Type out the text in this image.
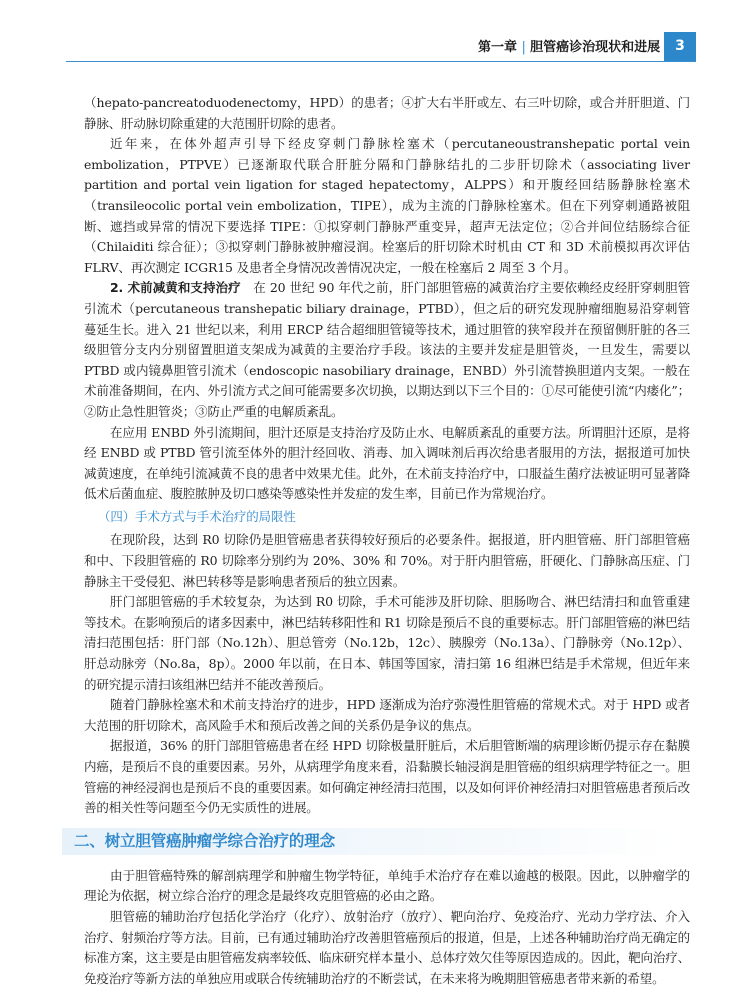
第一章 | 胆管癌诊治现状和进展	3

（hepato-pancreatoduodenectomy，HPD）的患者；④扩大右半肝或左、右三叶切除，或合并肝胆道、门静脉、肝动脉切除重建的大范围肝切除的患者。

近年来，在体外超声引导下经皮穿刺门静脉栓塞术（percutaneoustranshepatic portal vein embolization，PTPVE）已逐渐取代联合肝脏分隔和门静脉结扎的二步肝切除术（associating liver partition and portal vein ligation for staged hepatectomy，ALPPS）和开腹经回结肠静脉栓塞术（transileocolic portal vein embolization，TIPE），成为主流的门静脉栓塞术。但在下列穿刺通路被阻断、遮挡或异常的情况下要选择 TIPE：①拟穿刺门静脉严重变异，超声无法定位；②合并间位结肠综合征（Chilaiditi 综合征）；③拟穿刺门静脉被肿瘤浸润。栓塞后的肝切除术时机由 CT 和 3D 术前模拟再次评估 FLRV、再次测定 ICGR15 及患者全身情况改善情况决定，一般在栓塞后 2 周至 3 个月。

2. 术前减黄和支持治疗　 在 20 世纪 90 年代之前，肝门部胆管癌的减黄治疗主要依赖经皮经肝穿刺胆管引流术（percutaneous transhepatic biliary drainage，PTBD），但之后的研究发现肿瘤细胞易沿穿刺管蔓延生长。进入 21 世纪以来，利用 ERCP 结合超细胆管镜等技术，通过胆管的狭窄段并在预留侧肝脏的各三级胆管分支内分别留置胆道支架成为减黄的主要治疗手段。该法的主要并发症是胆管炎，一旦发生，需要以 PTBD 或内镜鼻胆管引流术（endoscopic nasobiliary drainage，ENBD）外引流替换胆道内支架。一般在术前准备期间，在内、外引流方式之间可能需要多次切换，以期达到以下三个目的：①尽可能使引流“内瘘化”；②防止急性胆管炎；③防止严重的电解质紊乱。

在应用 ENBD 外引流期间，胆汁还原是支持治疗及防止水、电解质紊乱的重要方法。所谓胆汁还原，是将经 ENBD 或 PTBD 管引流至体外的胆汁经回收、消毒、加入调味剂后再次给患者服用的方法，据报道可加快减黄速度，在单纯引流减黄不良的患者中效果尤佳。此外，在术前支持治疗中，口服益生菌疗法被证明可显著降低术后菌血症、腹腔脓肿及切口感染等感染性并发症的发生率，目前已作为常规治疗。

（四）手术方式与手术治疗的局限性

在现阶段，达到 R0 切除仍是胆管癌患者获得较好预后的必要条件。据报道，肝内胆管癌、肝门部胆管癌和中、下段胆管癌的 R0 切除率分别约为 20%、30% 和 70%。对于肝内胆管癌，肝硬化、门静脉高压症、门静脉主干受侵犯、淋巴转移等是影响患者预后的独立因素。

肝门部胆管癌的手术较复杂，为达到 R0 切除，手术可能涉及肝切除、胆肠吻合、淋巴结清扫和血管重建等技术。在影响预后的诸多因素中，淋巴结转移阳性和 R1 切除是预后不良的重要标志。肝门部胆管癌的淋巴结清扫范围包括：肝门部（No.12h）、胆总管旁（No.12b，12c）、胰腺旁（No.13a）、门静脉旁（No.12p）、肝总动脉旁（No.8a，8p）。2000 年以前，在日本、韩国等国家，清扫第 16 组淋巴结是手术常规，但近年来的研究提示清扫该组淋巴结并不能改善预后。

随着门静脉栓塞术和术前支持治疗的进步，HPD 逐渐成为治疗弥漫性胆管癌的常规术式。对于 HPD 或者大范围的肝切除术，高风险手术和预后改善之间的关系仍是争议的焦点。

据报道，36% 的肝门部胆管癌患者在经 HPD 切除极量肝脏后，术后胆管断端的病理诊断仍提示存在黏膜内癌，是预后不良的重要因素。另外，从病理学角度来看，沿黏膜长轴浸润是胆管癌的组织病理学特征之一。胆管癌的神经浸润也是预后不良的重要因素。如何确定神经清扫范围，以及如何评价神经清扫对胆管癌患者预后改善的相关性等问题至今仍无实质性的进展。

二、树立胆管癌肿瘤学综合治疗的理念

由于胆管癌特殊的解剖病理学和肿瘤生物学特征，单纯手术治疗存在难以逾越的极限。因此，以肿瘤学的理论为依据，树立综合治疗的理念是最终攻克胆管癌的必由之路。

胆管癌的辅助治疗包括化学治疗（化疗）、放射治疗（放疗）、靶向治疗、免疫治疗、光动力学疗法、介入治疗、射频治疗等方法。目前，已有通过辅助治疗改善胆管癌预后的报道，但是，上述各种辅助治疗尚无确定的标准方案，这主要是由胆管癌发病率较低、临床研究样本量小、总体疗效欠佳等原因造成的。因此，靶向治疗、免疫治疗等新方法的单独应用或联合传统辅助治疗的不断尝试，在未来将为晚期胆管癌患者带来新的希望。
